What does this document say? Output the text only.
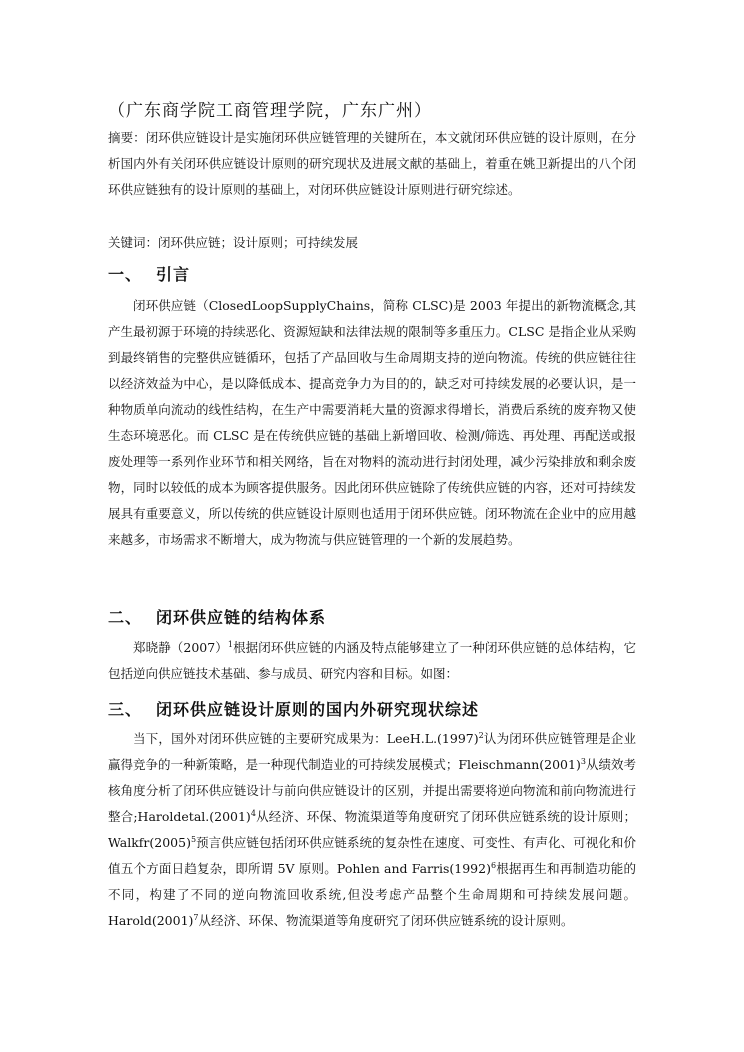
（广东商学院工商管理学院，广东广州）

摘要：闭环供应链设计是实施闭环供应链管理的关键所在，本文就闭环供应链的设计原则，在分析国内外有关闭环供应链设计原则的研究现状及进展文献的基础上，着重在姚卫新提出的八个闭环供应链独有的设计原则的基础上，对闭环供应链设计原则进行研究综述。

关键词：闭环供应链；设计原则；可持续发展

一、 引言

闭环供应链（ClosedLoopSupplyChains，简称 CLSC)是 2003 年提出的新物流概念,其产生最初源于环境的持续恶化、资源短缺和法律法规的限制等多重压力。CLSC 是指企业从采购到最终销售的完整供应链循环，包括了产品回收与生命周期支持的逆向物流。传统的供应链往往以经济效益为中心，是以降低成本、提高竞争力为目的的，缺乏对可持续发展的必要认识，是一种物质单向流动的线性结构，在生产中需要消耗大量的资源求得增长，消费后系统的废弃物又使生态环境恶化。而 CLSC 是在传统供应链的基础上新增回收、检测/筛选、再处理、再配送或报废处理等一系列作业环节和相关网络，旨在对物料的流动进行封闭处理，减少污染排放和剩余废物，同时以较低的成本为顾客提供服务。因此闭环供应链除了传统供应链的内容，还对可持续发展具有重要意义，所以传统的供应链设计原则也适用于闭环供应链。闭环物流在企业中的应用越来越多，市场需求不断增大，成为物流与供应链管理的一个新的发展趋势。

二、 闭环供应链的结构体系

郑晓静$(2007)^1$根据闭环供应链的内涵及特点能够建立了一种闭环供应链的总体结构，它包括逆向供应链技术基础、参与成员、研究内容和目标。如图：

三、 闭环供应链设计原则的国内外研究现状综述

当下，国外对闭环供应链的主要研究成果为：$LeeH.L.(1997)^2$认为闭环供应链管理是企业赢得竞争的一种新策略，是一种现代制造业的可持续发展模式；$Fleischmann(2001)^3$从绩效考核角度分析了闭环供应链设计与前向供应链设计的区别，并提出需要将逆向物流和前向物流进行整合$;Haroldetal.(2001)^4$从经济、环保、物流渠道等角度研究了闭环供应链系统的设计原则；$Walkfr(2005)^5$预言供应链包括闭环供应链系统的复杂性在速度、可变性、有声化、可视化和价值五个方面日趋复杂，即所谓 5V 原则。Pohlen and $Farris(1992)^6$根据再生和再制造功能的不同，构建了不同的逆向物流回收系统,但没考虑产品整个生命周期和可持续发展问题。$Harold(2001)^7$从经济、环保、物流渠道等角度研究了闭环供应链系统的设计原则。
